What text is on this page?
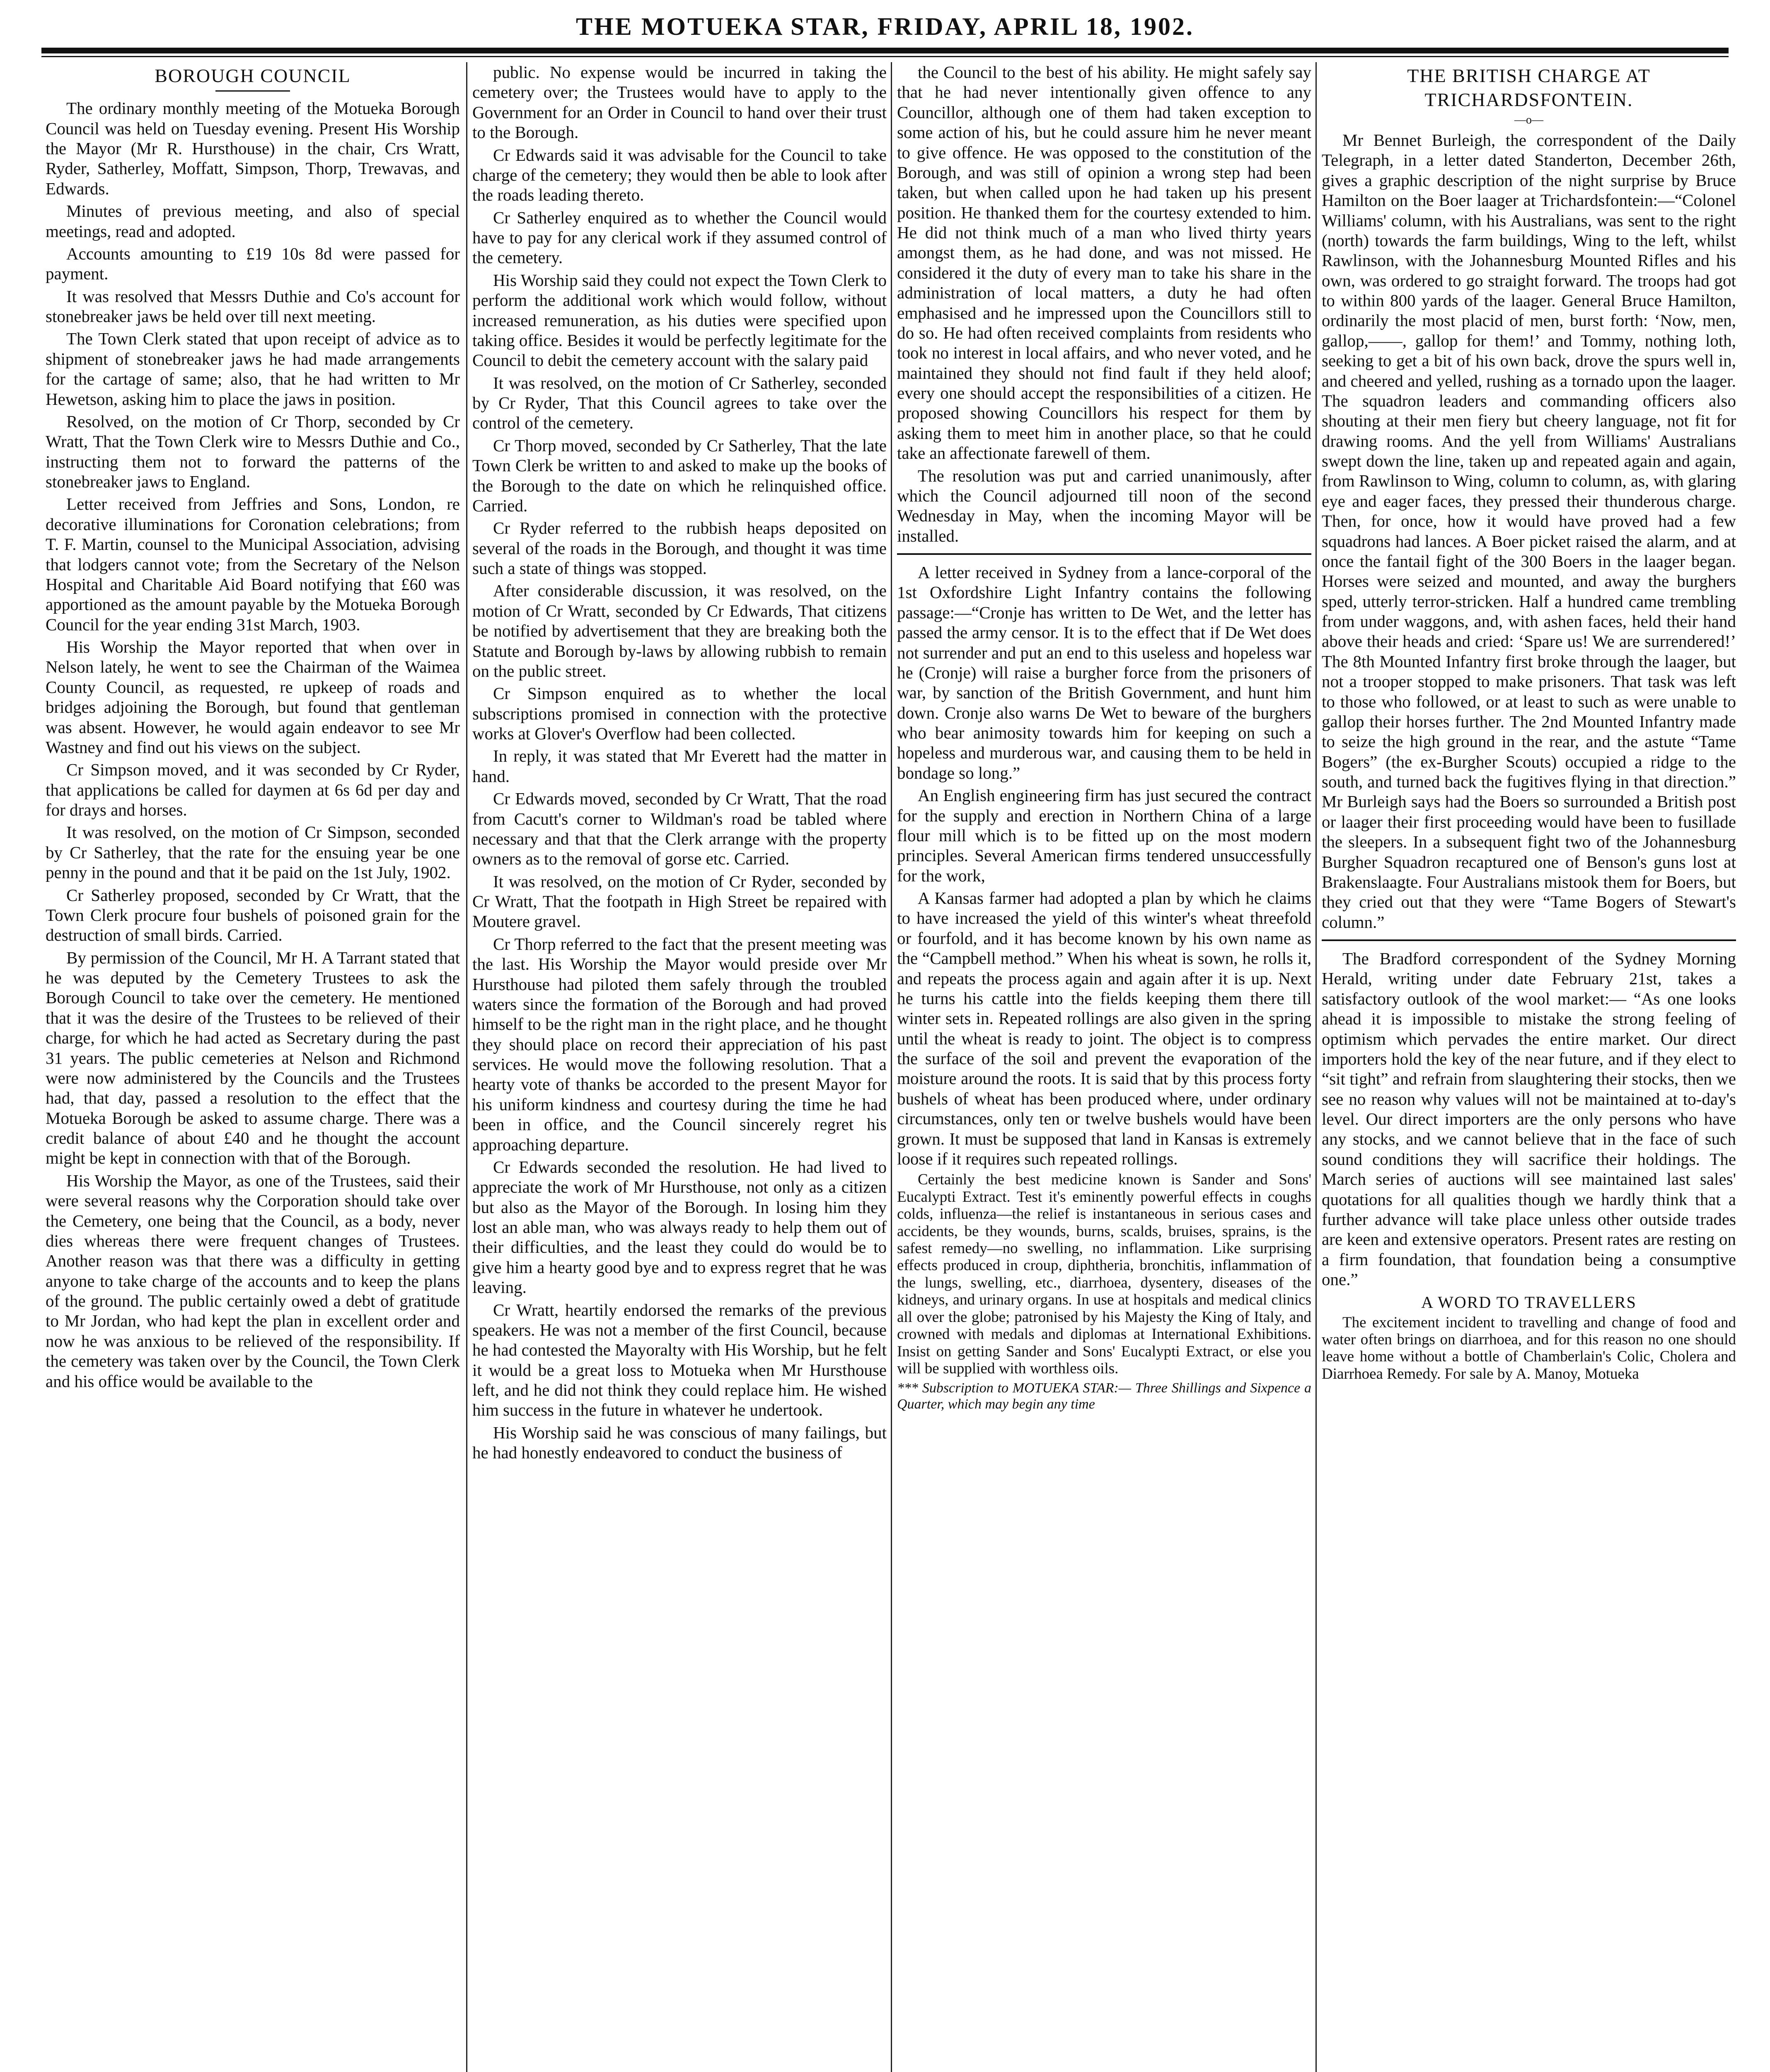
THE MOTUEKA STAR, FRIDAY, APRIL 18, 1902.
BOROUGH COUNCIL

The ordinary monthly meeting of the Motueka Borough Council was held on Tuesday evening. Present His Worship the Mayor (Mr R. Hursthouse) in the chair, Crs Wratt, Ryder, Satherley, Moffatt, Simpson, Thorp, Trewavas, and Edwards.

Minutes of previous meeting, and also of special meetings, read and adopted.

Accounts amounting to £19 10s 8d were passed for payment.

It was resolved that Messrs Duthie and Co's account for stonebreaker jaws be held over till next meeting.

The Town Clerk stated that upon receipt of advice as to shipment of stonebreaker jaws he had made arrangements for the cartage of same; also, that he had written to Mr Hewetson, asking him to place the jaws in position.

Resolved, on the motion of Cr Thorp, seconded by Cr Wratt, That the Town Clerk wire to Messrs Duthie and Co., instructing them not to forward the patterns of the stonebreaker jaws to England.

Letter received from Jeffries and Sons, London, re decorative illuminations for Coronation celebrations; from T. F. Martin, counsel to the Municipal Association, advising that lodgers cannot vote; from the Secretary of the Nelson Hospital and Charitable Aid Board notifying that £60 was apportioned as the amount payable by the Motueka Borough Council for the year ending 31st March, 1903.

His Worship the Mayor reported that when over in Nelson lately, he went to see the Chairman of the Waimea County Council, as requested, re upkeep of roads and bridges adjoining the Borough, but found that gentleman was absent. However, he would again endeavor to see Mr Wastney and find out his views on the subject.

Cr Simpson moved, and it was seconded by Cr Ryder, that applications be called for daymen at 6s 6d per day and for drays and horses.

It was resolved, on the motion of Cr Simpson, seconded by Cr Satherley, that the rate for the ensuing year be one penny in the pound and that it be paid on the 1st July, 1902.

Cr Satherley proposed, seconded by Cr Wratt, that the Town Clerk procure four bushels of poisoned grain for the destruction of small birds. Carried.

By permission of the Council, Mr H. A Tarrant stated that he was deputed by the Cemetery Trustees to ask the Borough Council to take over the cemetery. He mentioned that it was the desire of the Trustees to be relieved of their charge, for which he had acted as Secretary during the past 31 years. The public cemeteries at Nelson and Richmond were now administered by the Councils and the Trustees had, that day, passed a resolution to the effect that the Motueka Borough be asked to assume charge. There was a credit balance of about £40 and he thought the account might be kept in connection with that of the Borough.

His Worship the Mayor, as one of the Trustees, said their were several reasons why the Corporation should take over the Cemetery, one being that the Council, as a body, never dies whereas there were frequent changes of Trustees. Another reason was that there was a difficulty in getting anyone to take charge of the accounts and to keep the plans of the ground. The public certainly owed a debt of gratitude to Mr Jordan, who had kept the plan in excellent order and now he was anxious to be relieved of the responsibility. If the cemetery was taken over by the Council, the Town Clerk and his office would be available to the

public. No expense would be incurred in taking the cemetery over; the Trustees would have to apply to the Government for an Order in Council to hand over their trust to the Borough.

Cr Edwards said it was advisable for the Council to take charge of the cemetery; they would then be able to look after the roads leading thereto.

Cr Satherley enquired as to whether the Council would have to pay for any clerical work if they assumed control of the cemetery.

His Worship said they could not expect the Town Clerk to perform the additional work which would follow, without increased remuneration, as his duties were specified upon taking office. Besides it would be perfectly legitimate for the Council to debit the cemetery account with the salary paid

It was resolved, on the motion of Cr Satherley, seconded by Cr Ryder, That this Council agrees to take over the control of the cemetery.

Cr Thorp moved, seconded by Cr Satherley, That the late Town Clerk be written to and asked to make up the books of the Borough to the date on which he relinquished office. Carried.

Cr Ryder referred to the rubbish heaps deposited on several of the roads in the Borough, and thought it was time such a state of things was stopped.

After considerable discussion, it was resolved, on the motion of Cr Wratt, seconded by Cr Edwards, That citizens be notified by advertisement that they are breaking both the Statute and Borough by-laws by allowing rubbish to remain on the public street.

Cr Simpson enquired as to whether the local subscriptions promised in connection with the protective works at Glover's Overflow had been collected.

In reply, it was stated that Mr Everett had the matter in hand.

Cr Edwards moved, seconded by Cr Wratt, That the road from Cacutt's corner to Wildman's road be tabled where necessary and that that the Clerk arrange with the property owners as to the removal of gorse etc. Carried.

It was resolved, on the motion of Cr Ryder, seconded by Cr Wratt, That the footpath in High Street be repaired with Moutere gravel.

Cr Thorp referred to the fact that the present meeting was the last. His Worship the Mayor would preside over Mr Hursthouse had piloted them safely through the troubled waters since the formation of the Borough and had proved himself to be the right man in the right place, and he thought they should place on record their appreciation of his past services. He would move the following resolution. That a hearty vote of thanks be accorded to the present Mayor for his uniform kindness and courtesy during the time he had been in office, and the Council sincerely regret his approaching departure.

Cr Edwards seconded the resolution. He had lived to appreciate the work of Mr Hursthouse, not only as a citizen but also as the Mayor of the Borough. In losing him they lost an able man, who was always ready to help them out of their difficulties, and the least they could do would be to give him a hearty good bye and to express regret that he was leaving.

Cr Wratt, heartily endorsed the remarks of the previous speakers. He was not a member of the first Council, because he had contested the Mayoralty with His Worship, but he felt it would be a great loss to Motueka when Mr Hursthouse left, and he did not think they could replace him. He wished him success in the future in whatever he undertook.

His Worship said he was conscious of many failings, but he had honestly endeavored to conduct the business of

the Council to the best of his ability. He might safely say that he had never intentionally given offence to any Councillor, although one of them had taken exception to some action of his, but he could assure him he never meant to give offence. He was opposed to the constitution of the Borough, and was still of opinion a wrong step had been taken, but when called upon he had taken up his present position. He thanked them for the courtesy extended to him. He did not think much of a man who lived thirty years amongst them, as he had done, and was not missed. He considered it the duty of every man to take his share in the administration of local matters, a duty he had often emphasised and he impressed upon the Councillors still to do so. He had often received complaints from residents who took no interest in local affairs, and who never voted, and he maintained they should not find fault if they held aloof; every one should accept the responsibilities of a citizen. He proposed showing Councillors his respect for them by asking them to meet him in another place, so that he could take an affectionate farewell of them.

The resolution was put and carried unanimously, after which the Council adjourned till noon of the second Wednesday in May, when the incoming Mayor will be installed.

A letter received in Sydney from a lance-corporal of the 1st Oxfordshire Light Infantry contains the following passage:—“Cronje has written to De Wet, and the letter has passed the army censor. It is to the effect that if De Wet does not surrender and put an end to this useless and hopeless war he (Cronje) will raise a burgher force from the prisoners of war, by sanction of the British Government, and hunt him down. Cronje also warns De Wet to beware of the burghers who bear animosity towards him for keeping on such a hopeless and murderous war, and causing them to be held in bondage so long.”

An English engineering firm has just secured the contract for the supply and erection in Northern China of a large flour mill which is to be fitted up on the most modern principles. Several American firms tendered unsuccessfully for the work,

A Kansas farmer had adopted a plan by which he claims to have increased the yield of this winter's wheat threefold or fourfold, and it has become known by his own name as the “Campbell method.” When his wheat is sown, he rolls it, and repeats the process again and again after it is up. Next he turns his cattle into the fields keeping them there till winter sets in. Repeated rollings are also given in the spring until the wheat is ready to joint. The object is to compress the surface of the soil and prevent the evaporation of the moisture around the roots. It is said that by this process forty bushels of wheat has been produced where, under ordinary circumstances, only ten or twelve bushels would have been grown. It must be supposed that land in Kansas is extremely loose if it requires such repeated rollings.

Certainly the best medicine known is Sander and Sons' Eucalypti Extract. Test it's eminently powerful effects in coughs colds, influenza—the relief is instantaneous in serious cases and accidents, be they wounds, burns, scalds, bruises, sprains, is the safest remedy—no swelling, no inflammation. Like surprising effects produced in croup, diphtheria, bronchitis, inflammation of the lungs, swelling, etc., diarrhoea, dysentery, diseases of the kidneys, and urinary organs. In use at hospitals and medical clinics all over the globe; patronised by his Majesty the King of Italy, and crowned with medals and diplomas at International Exhibitions. Insist on getting Sander and Sons' Eucalypti Extract, or else you will be supplied with worthless oils.

*** Subscription to MOTUEKA STAR:— Three Shillings and Sixpence a Quarter, which may begin any time

THE BRITISH CHARGE AT TRICHARDSFONTEIN.
—o—

Mr Bennet Burleigh, the correspondent of the Daily Telegraph, in a letter dated Standerton, December 26th, gives a graphic description of the night surprise by Bruce Hamilton on the Boer laager at Trichardsfontein:—“Colonel Williams' column, with his Australians, was sent to the right (north) towards the farm buildings, Wing to the left, whilst Rawlinson, with the Johannesburg Mounted Rifles and his own, was ordered to go straight forward. The troops had got to within 800 yards of the laager. General Bruce Hamilton, ordinarily the most placid of men, burst forth: ‘Now, men, gallop,——, gallop for them!’ and Tommy, nothing loth, seeking to get a bit of his own back, drove the spurs well in, and cheered and yelled, rushing as a tornado upon the laager. The squadron leaders and commanding officers also shouting at their men fiery but cheery language, not fit for drawing rooms. And the yell from Williams' Australians swept down the line, taken up and repeated again and again, from Rawlinson to Wing, column to column, as, with glaring eye and eager faces, they pressed their thunderous charge. Then, for once, how it would have proved had a few squadrons had lances. A Boer picket raised the alarm, and at once the fantail fight of the 300 Boers in the laager began. Horses were seized and mounted, and away the burghers sped, utterly terror-stricken. Half a hundred came trembling from under waggons, and, with ashen faces, held their hand above their heads and cried: ‘Spare us! We are surrendered!’ The 8th Mounted Infantry first broke through the laager, but not a trooper stopped to make prisoners. That task was left to those who followed, or at least to such as were unable to gallop their horses further. The 2nd Mounted Infantry made to seize the high ground in the rear, and the astute “Tame Bogers” (the ex-Burgher Scouts) occupied a ridge to the south, and turned back the fugitives flying in that direction.” Mr Burleigh says had the Boers so surrounded a British post or laager their first proceeding would have been to fusillade the sleepers. In a subsequent fight two of the Johannesburg Burgher Squadron recaptured one of Benson's guns lost at Brakenslaagte. Four Australians mistook them for Boers, but they cried out that they were “Tame Bogers of Stewart's column.”

The Bradford correspondent of the Sydney Morning Herald, writing under date February 21st, takes a satisfactory outlook of the wool market:— “As one looks ahead it is impossible to mistake the strong feeling of optimism which pervades the entire market. Our direct importers hold the key of the near future, and if they elect to “sit tight” and refrain from slaughtering their stocks, then we see no reason why values will not be maintained at to-day's level. Our direct importers are the only persons who have any stocks, and we cannot believe that in the face of such sound conditions they will sacrifice their holdings. The March series of auctions will see maintained last sales' quotations for all qualities though we hardly think that a further advance will take place unless other outside trades are keen and extensive operators. Present rates are resting on a firm foundation, that foundation being a consumptive one.”

A WORD TO TRAVELLERS

The excitement incident to travelling and change of food and water often brings on diarrhoea, and for this reason no one should leave home without a bottle of Chamberlain's Colic, Cholera and Diarrhoea Remedy. For sale by A. Manoy, Motueka
